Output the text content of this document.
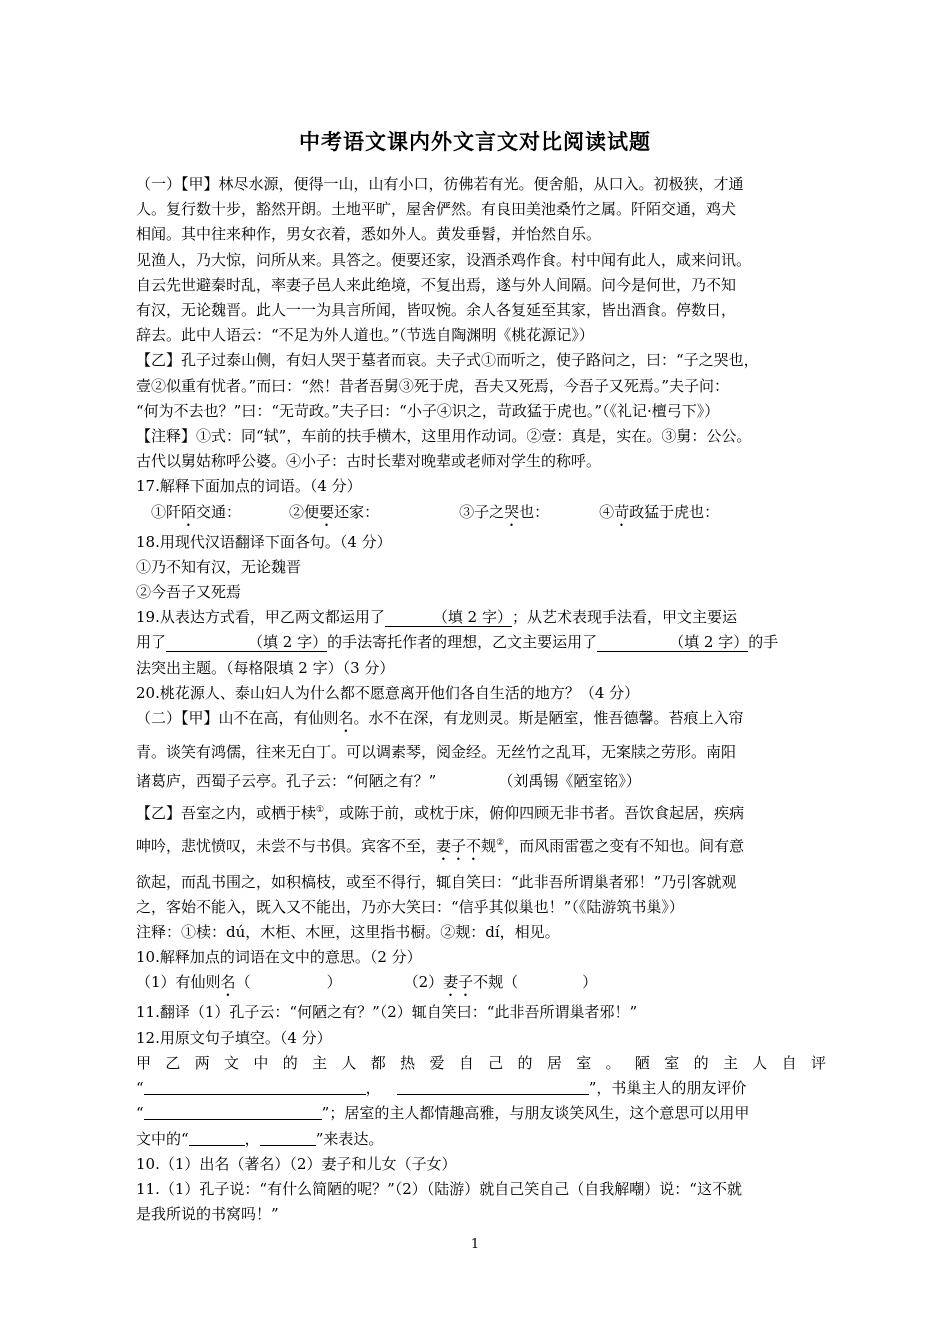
中考语文课内外文言文对比阅读试题

（一）【甲】林尽水源，便得一山，山有小口，彷佛若有光。便舍船，从口入。初极狭，才通

人。复行数十步，豁然开朗。土地平旷，屋舍俨然。有良田美池桑竹之属。阡陌交通，鸡犬

相闻。其中往来种作，男女衣着，悉如外人。黄发垂髫，并怡然自乐。

见渔人，乃大惊，问所从来。具答之。便要还家，设酒杀鸡作食。村中闻有此人，咸来问讯。

自云先世避秦时乱，率妻子邑人来此绝境，不复出焉，遂与外人间隔。问今是何世，乃不知

有汉，无论魏晋。此人一一为具言所闻，皆叹惋。余人各复延至其家，皆出酒食。停数日，

辞去。此中人语云：“不足为外人道也。”（节选自陶渊明《桃花源记》）

【乙】孔子过泰山侧，有妇人哭于墓者而哀。夫子式①而听之，使子路问之，曰：“子之哭也，

壹②似重有忧者。”而曰：“然！昔者吾舅③死于虎，吾夫又死焉，今吾子又死焉。”夫子问：

“何为不去也？”曰：“无苛政。”夫子曰：“小子④识之，苛政猛于虎也。”（《礼记·檀弓下》）

【注释】①式：同“轼”，车前的扶手横木，这里用作动词。②壹：真是，实在。③舅：公公。

古代以舅姑称呼公婆。④小子：古时长辈对晚辈或老师对学生的称呼。

17.解释下面加点的词语。（4 分）

①阡陌交通：	②便要还家：	③子之哭也：	④苛政猛于虎也：

18.用现代汉语翻译下面各句。（4 分）

①乃不知有汉，无论魏晋

②今吾子又死焉

19.从表达方式看，甲乙两文都运用了	（填 2 字）；从艺术表现手法看，甲文主要运

用了	（填 2 字）的手法寄托作者的理想，乙文主要运用了	（填 2 字）的手

法突出主题。（每格限填 2 字）（3 分）

20.桃花源人、泰山妇人为什么都不愿意离开他们各自生活的地方？（4 分）

（二）【甲】山不在高，有仙则名。水不在深，有龙则灵。斯是陋室，惟吾德馨。苔痕上入帘

青。谈笑有鸿儒，往来无白丁。可以调素琴，阅金经。无丝竹之乱耳，无案牍之劳形。南阳

诸葛庐，西蜀子云亭。孔子云：“何陋之有？”	（刘禹锡《陋室铭》）

【乙】吾室之内，或栖于椟①，或陈于前，或枕于床，俯仰四顾无非书者。吾饮食起居，疾病

呻吟，悲忧愤叹，未尝不与书俱。宾客不至，妻子不觌②，而风雨雷雹之变有不知也。间有意

欲起，而乱书围之，如积槁枝，或至不得行，辄自笑曰：“此非吾所谓巢者邪！”乃引客就观

之，客始不能入，既入又不能出，乃亦大笑曰：“信乎其似巢也！”（《陆游筑书巢》）

注释：①椟：dú，木柜、木匣，这里指书橱。②觌：dí，相见。

10.解释加点的词语在文中的意思。（2 分）

（1）有仙则名（	）	（2）妻子不觌（	）

11.翻译（1）孔子云：“何陋之有？”（2）辄自笑曰：“此非吾所谓巢者邪！”

12.用原文句子填空。（4 分）

甲乙两文中的主人都热爱自己的居室。陋室的主人自评

“	，	”，书巢主人的朋友评价

“	”；居室的主人都情趣高雅，与朋友谈笑风生，这个意思可以用甲

文中的“	，	”来表达。

10.（1）出名（著名）（2）妻子和儿女（子女）

11.（1）孔子说：“有什么简陋的呢？”（2）（陆游）就自己笑自己（自我解嘲）说：“这不就

是我所说的书窝吗！”

1
